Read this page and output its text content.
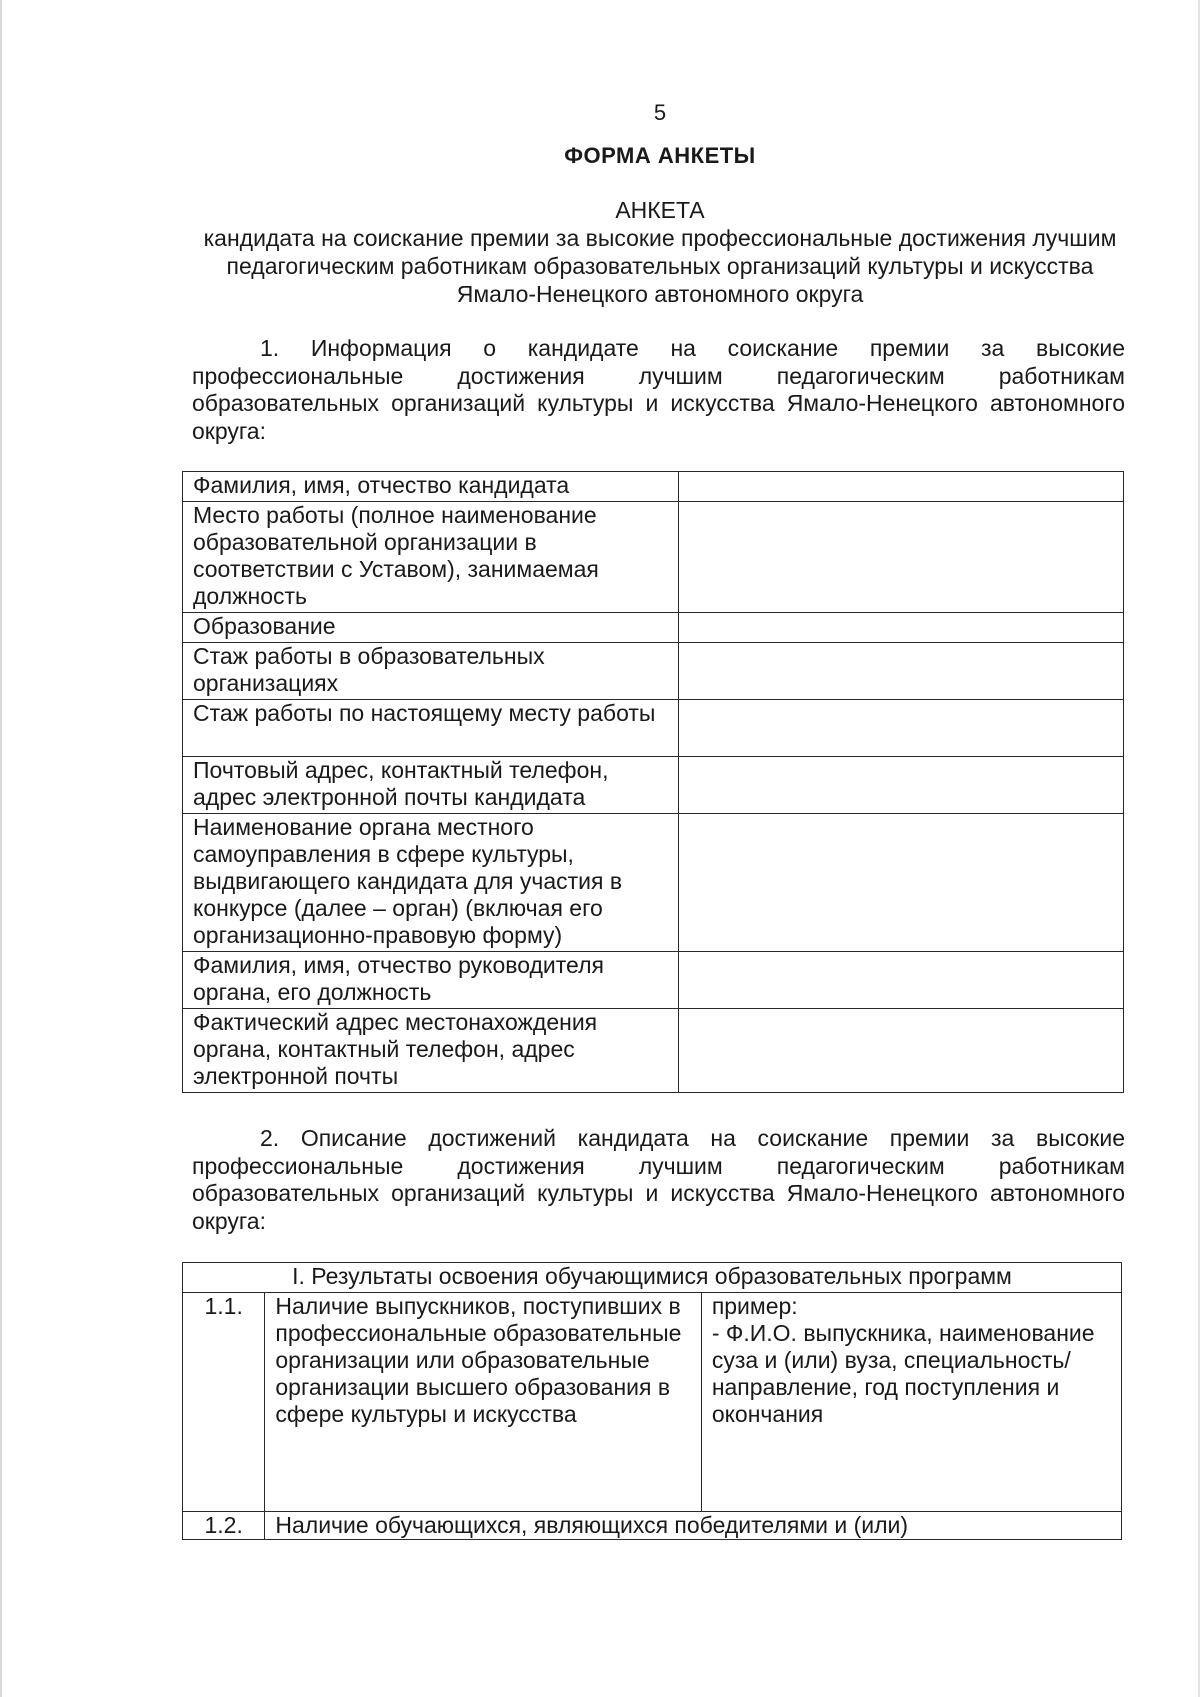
5
ФОРМА АНКЕТЫ
АНКЕТА
кандидата на соискание премии за высокие профессиональные достижения лучшим педагогическим работникам образовательных организаций культуры и искусства Ямало-Ненецкого автономного округа
1. Информация о кандидате на соискание премии за высокие профессиональные достижения лучшим педагогическим работникам образовательных организаций культуры и искусства Ямало-Ненецкого автономного округа:
Фамилия, имя, отчество кандидата	
Место работы (полное наименование образовательной организации в соответствии с Уставом), занимаемая должность	
Образование	
Стаж работы в образовательных организациях	
Стаж работы по настоящему месту работы	
Почтовый адрес, контактный телефон, адрес электронной почты кандидата	
Наименование органа местного самоуправления в сфере культуры, выдвигающего кандидата для участия в конкурсе (далее – орган) (включая его организационно-правовую форму)	
Фамилия, имя, отчество руководителя органа, его должность	
Фактический адрес местонахождения органа, контактный телефон, адрес электронной почты	
2. Описание достижений кандидата на соискание премии за высокие профессиональные достижения лучшим педагогическим работникам образовательных организаций культуры и искусства Ямало-Ненецкого автономного округа:
I. Результаты освоения обучающимися образовательных программ		
1.1.	Наличие выпускников, поступивших в профессиональные образовательные организации или образовательные организации высшего образования в сфере культуры и искусства	пример:
- Ф.И.О. выпускника, наименование суза и (или) вуза, специальность/направление, год поступления и окончания

1.2.	Наличие обучающихся, являющихся победителями и (или)	
